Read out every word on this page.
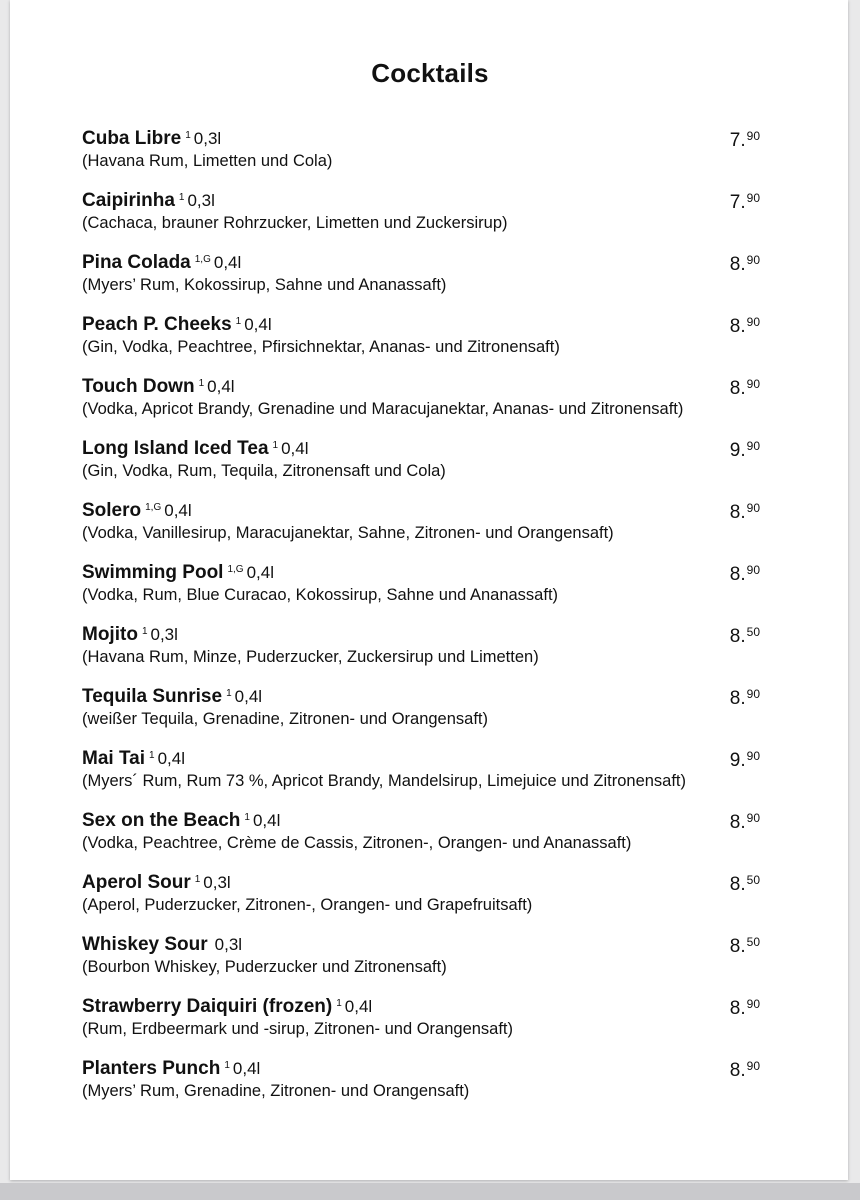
Cocktails
Cuba Libre $^1$ 0,3l
(Havana Rum, Limetten und Cola)
7.90
Caipirinha $^1$ 0,3l
(Cachaca, brauner Rohrzucker, Limetten und Zuckersirup)
7.90
Pina Colada $^{1,G}$ 0,4l
(Myers’ Rum, Kokossirup, Sahne und Ananassaft)
8.90
Peach P. Cheeks $^1$ 0,4l
(Gin, Vodka, Peachtree, Pfirsichnektar, Ananas- und Zitronensaft)
8.90
Touch Down $^1$ 0,4l
(Vodka, Apricot Brandy, Grenadine und Maracujanektar, Ananas- und Zitronensaft)
8.90
Long Island Iced Tea $^1$ 0,4l
(Gin, Vodka, Rum, Tequila, Zitronensaft und Cola)
9.90
Solero $^{1,G}$ 0,4l
(Vodka, Vanillesirup, Maracujanektar, Sahne, Zitronen- und Orangensaft)
8.90
Swimming Pool $^{1,G}$ 0,4l
(Vodka, Rum, Blue Curacao, Kokossirup, Sahne und Ananassaft)
8.90
Mojito $^1$ 0,3l
(Havana Rum, Minze, Puderzucker, Zuckersirup und Limetten)
8.50
Tequila Sunrise $^1$ 0,4l
(weißer Tequila, Grenadine, Zitronen- und Orangensaft)
8.90
Mai Tai $^1$ 0,4l
(Myers´ Rum, Rum 73 %, Apricot Brandy, Mandelsirup, Limejuice und Zitronensaft)
9.90
Sex on the Beach $^1$ 0,4l
(Vodka, Peachtree, Crème de Cassis, Zitronen-, Orangen- und Ananassaft)
8.90
Aperol Sour $^1$ 0,3l
(Aperol, Puderzucker, Zitronen-, Orangen- und Grapefruitsaft)
8.50
Whiskey Sour 0,3l
(Bourbon Whiskey, Puderzucker und Zitronensaft)
8.50
Strawberry Daiquiri (frozen) $^1$ 0,4l
(Rum, Erdbeermark und -sirup, Zitronen- und Orangensaft)
8.90
Planters Punch $^1$ 0,4l
(Myers’ Rum, Grenadine, Zitronen- und Orangensaft)
8.90
